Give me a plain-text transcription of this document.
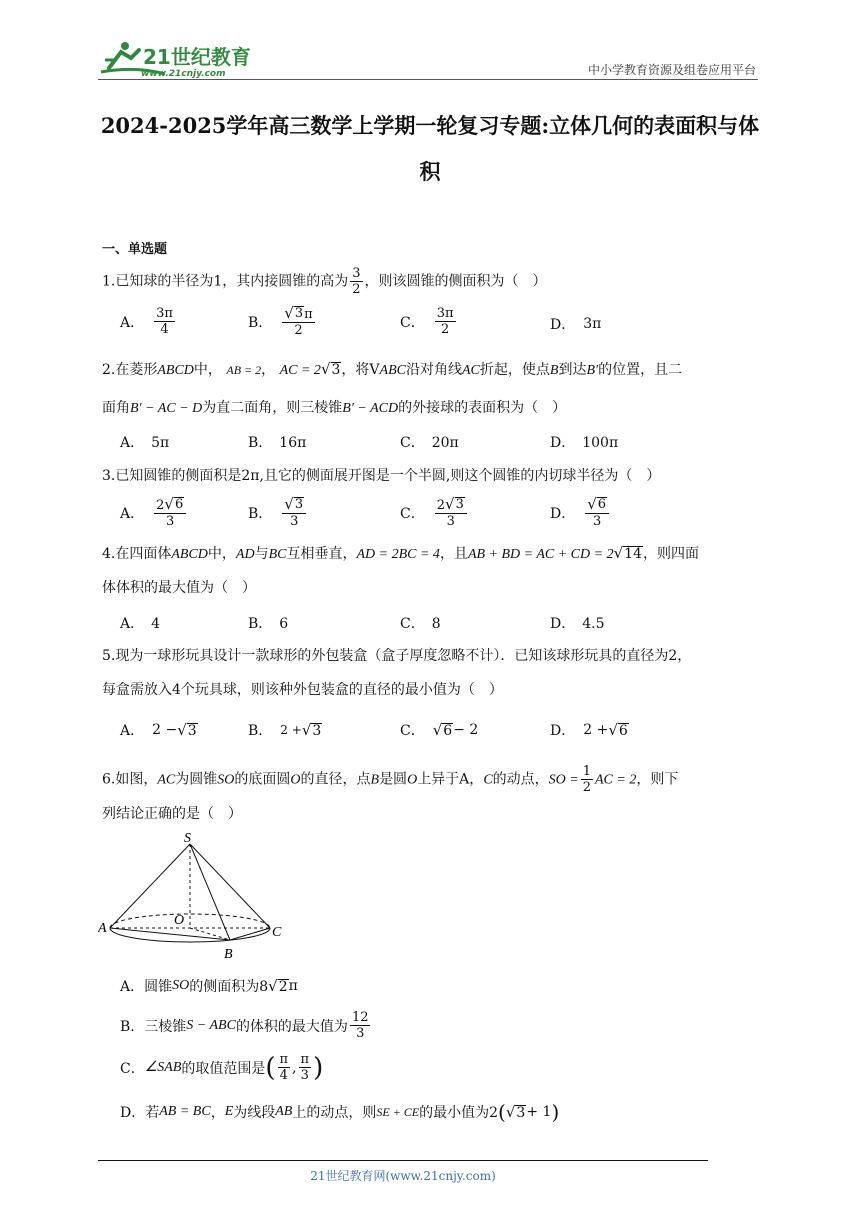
21世纪教育
www.21cnjy.com	中小学教育资源及组卷应用平台
2024-2025学年高三数学上学期一轮复习专题:立体几何的表面积与体
积
一、单选题
1.已知球的半径为1，其内接圆锥的高为 $\frac{3}{2}$ ，则该圆锥的侧面积为（　）
A． $\frac{3\pi}{4}$	B． $\frac{√ 3 \pi}{2}$	C． $\frac{3\pi}{2}$	D． 3π
2.在菱形ABCD中， AB = 2， AC = 2 √ 3 ，将VABC沿对角线AC折起，使点B到达B′的位置，且二
面角B′ − AC − D为直二面角，则三棱锥B′ − ACD的外接球的表面积为（　）
A．　5π	B．　16π	C．　20π	D．　100π
3.已知圆锥的侧面积是2π,且它的侧面展开图是一个半圆,则这个圆锥的内切球半径为（　）
A． $\frac{2 √ 6}{3}$	B． $\frac{√ 3}{3}$	C． $\frac{2 √ 3}{3}$	D． $\frac{√ 6}{3}$
4.在四面体ABCD中，AD与BC互相垂直，AD = 2BC = 4，且AB + BD = AC + CD = 2 √ 14 ，则四面
体体积的最大值为（　）
A．　4	B．　6	C．　8	D．　4.5
5.现为一球形玩具设计一款球形的外包装盒（盒子厚度忽略不计）．已知该球形玩具的直径为2，
每盒需放入4个玩具球，则该种外包装盒的直径的最小值为（　）
A． 2 − √ 3	B． 2 + √ 3	C． √ 6 − 2	D． 2 + √ 6
6.如图，AC为圆锥SO的底面圆O的直径，点B是圆O上异于A，C的动点，SO = $\frac{1}{2}$ AC = 2，则下
列结论正确的是（　）
S
O
A
B
C
A．圆锥 SO 的侧面积为8 √ 2 π
B．三棱锥 S − ABC 的体积的最大值为 $\frac{12}{3}$
C． ∠SAB 的取值范围是 ( $\frac{\pi}{4}$ , $\frac{\pi}{3}$ )
D．若 AB = BC ， E 为线段 AB 上的动点，则 SE + CE 的最小值为2 ( √ 3 + 1 )
21世纪教育网(www.21cnjy.com)
